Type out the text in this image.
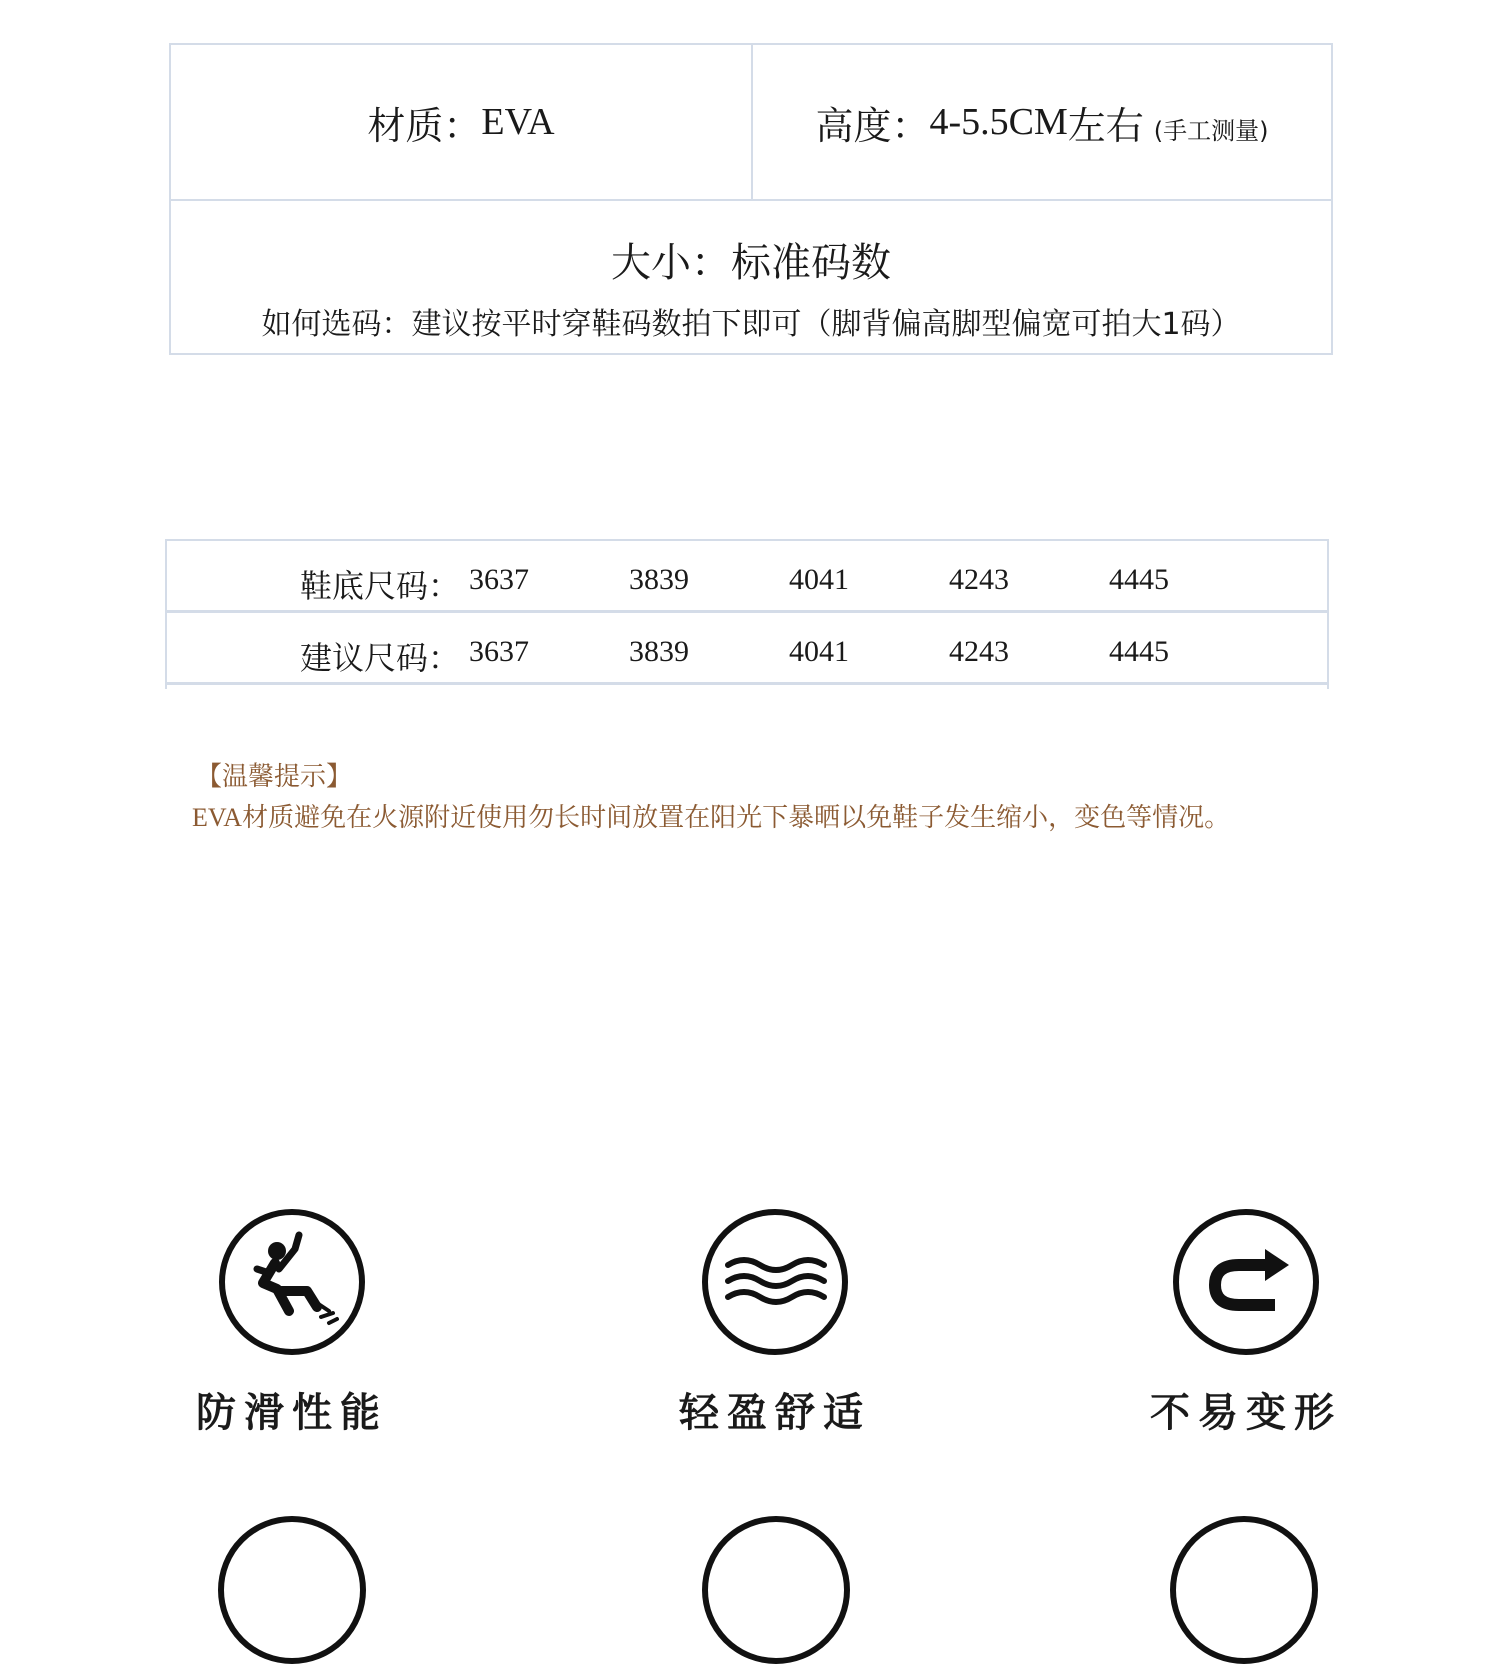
材质： EVA	高度： 4-5.5CM 左右 (手工测量)
大小：标准码数
如何选码：建议按平时穿鞋码数拍下即可（脚背偏高脚型偏宽可拍大1码）
鞋底尺码： 3637	3839	4041	4243	4445
建议尺码： 3637	3839	4041	4243	4445
【温馨提示】
EVA材质避免在火源附近使用勿长时间放置在阳光下暴晒以免鞋子发生缩小，变色等情况。
防滑性能	轻盈舒适	不易变形
